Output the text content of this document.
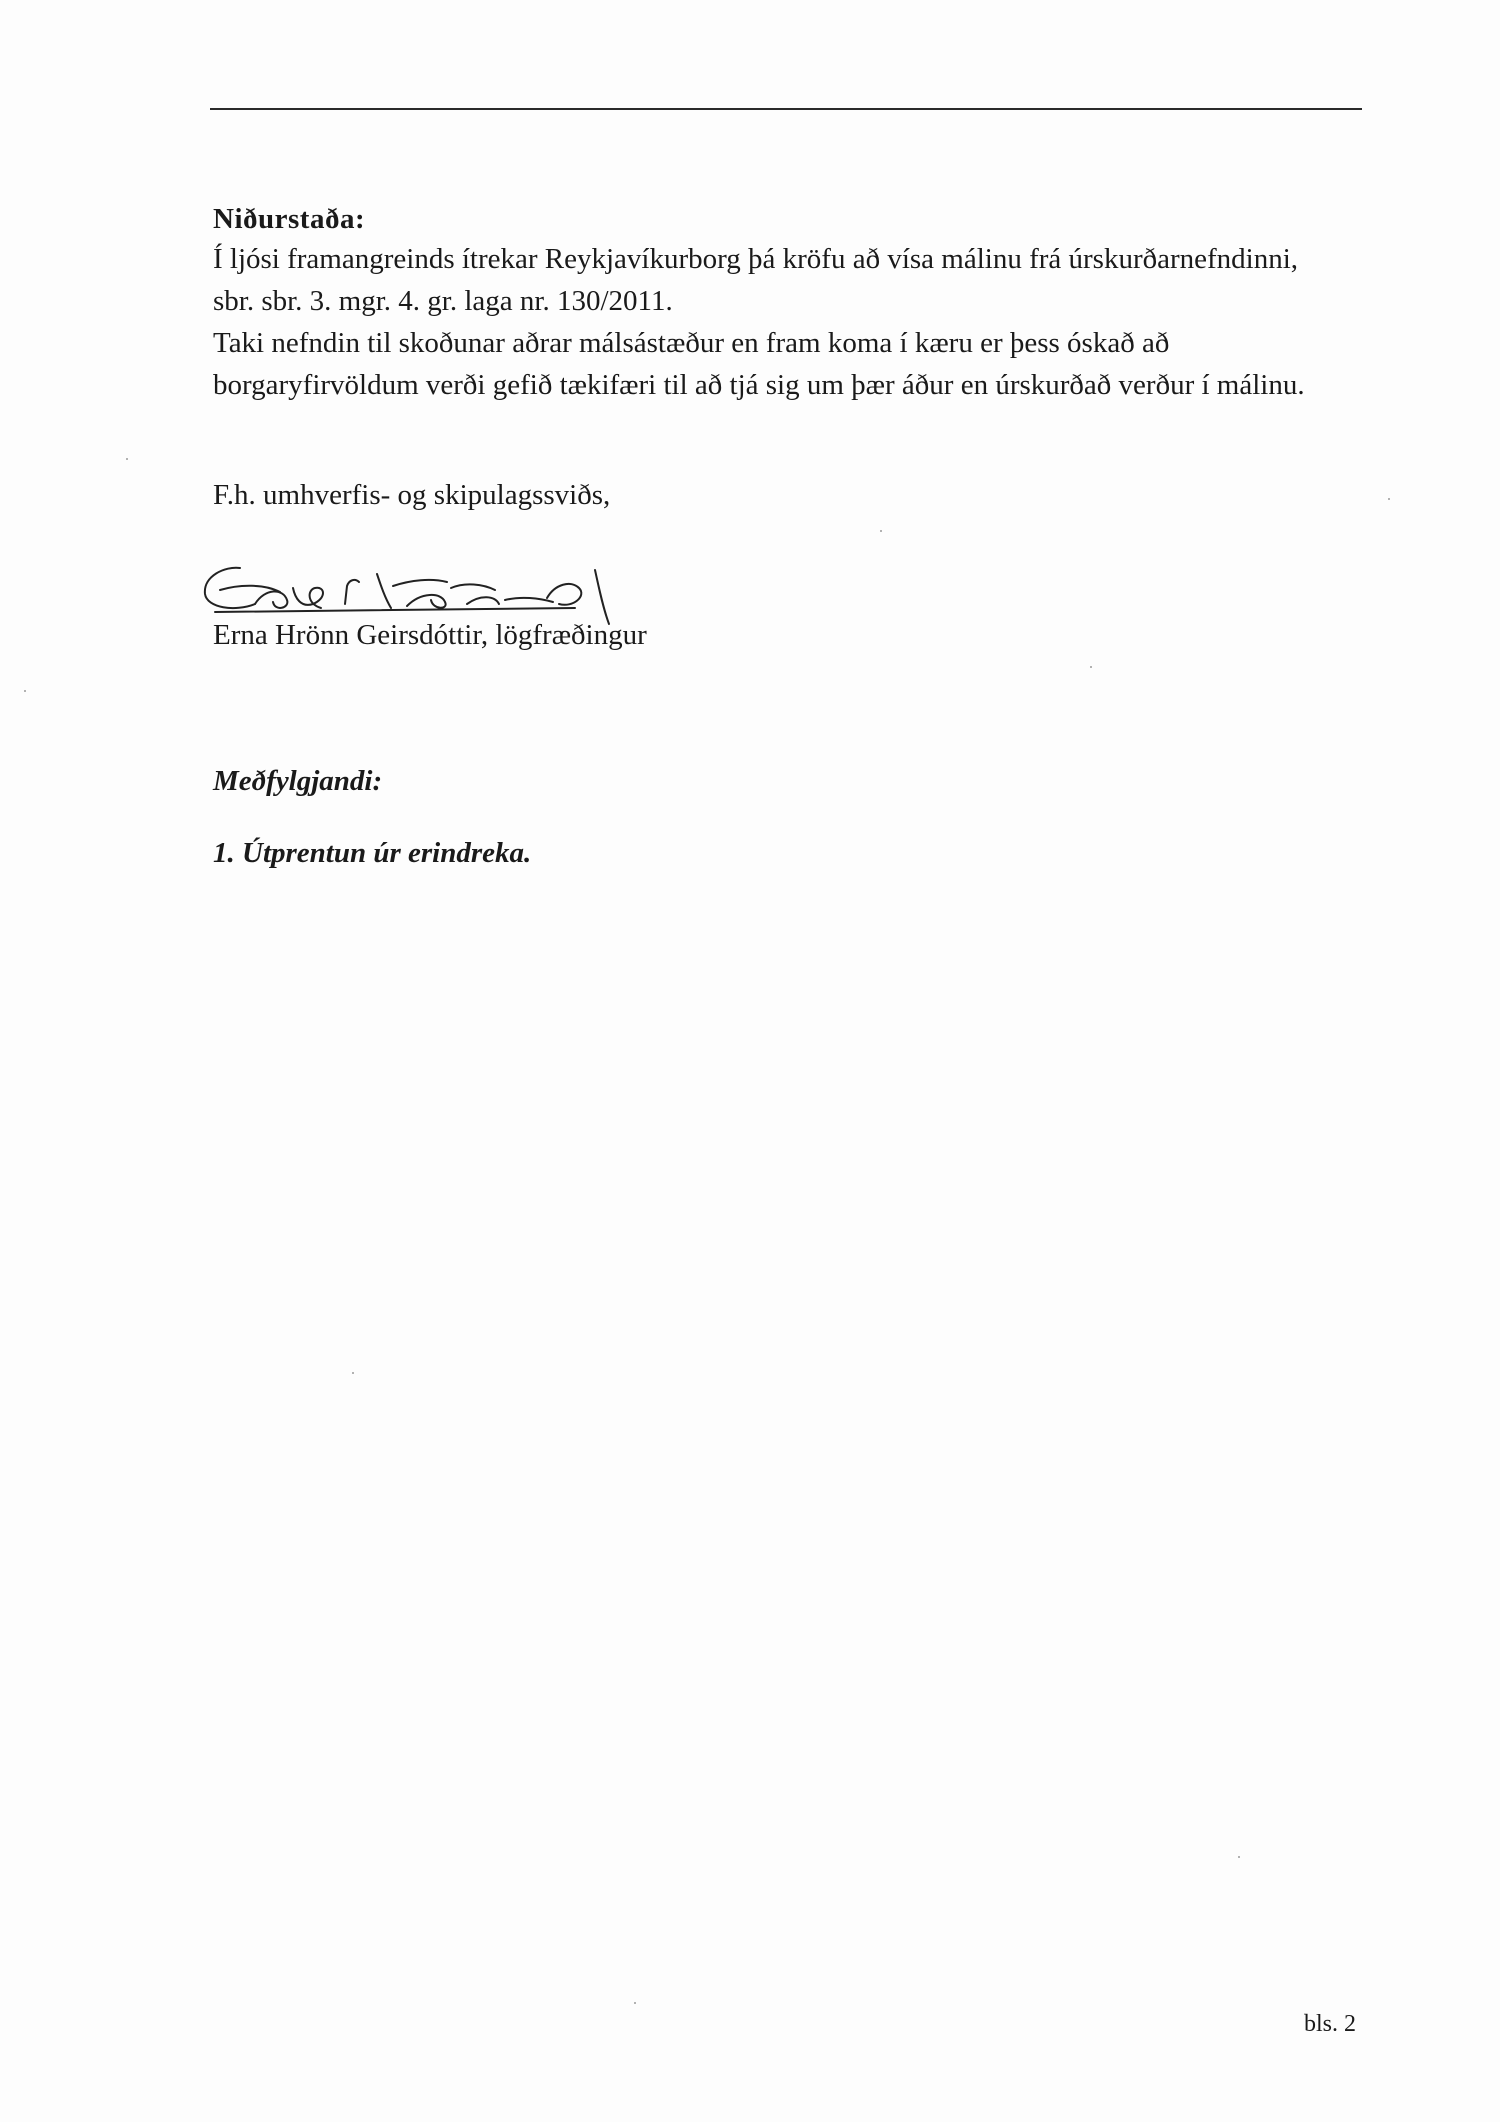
Niðurstaða:
Í ljósi framangreinds ítrekar Reykjavíkurborg þá kröfu að vísa málinu frá úrskurðarnefndinni,
sbr. sbr. 3. mgr. 4. gr. laga nr. 130/2011.
Taki nefndin til skoðunar aðrar málsástæður en fram koma í kæru er þess óskað að
borgaryfirvöldum verði gefið tækifæri til að tjá sig um þær áður en úrskurðað verður í málinu.
F.h. umhverfis- og skipulagssviðs,
Erna Hrönn Geirsdóttir, lögfræðingur
Meðfylgjandi:
1. Útprentun úr erindreka.
bls. 2
